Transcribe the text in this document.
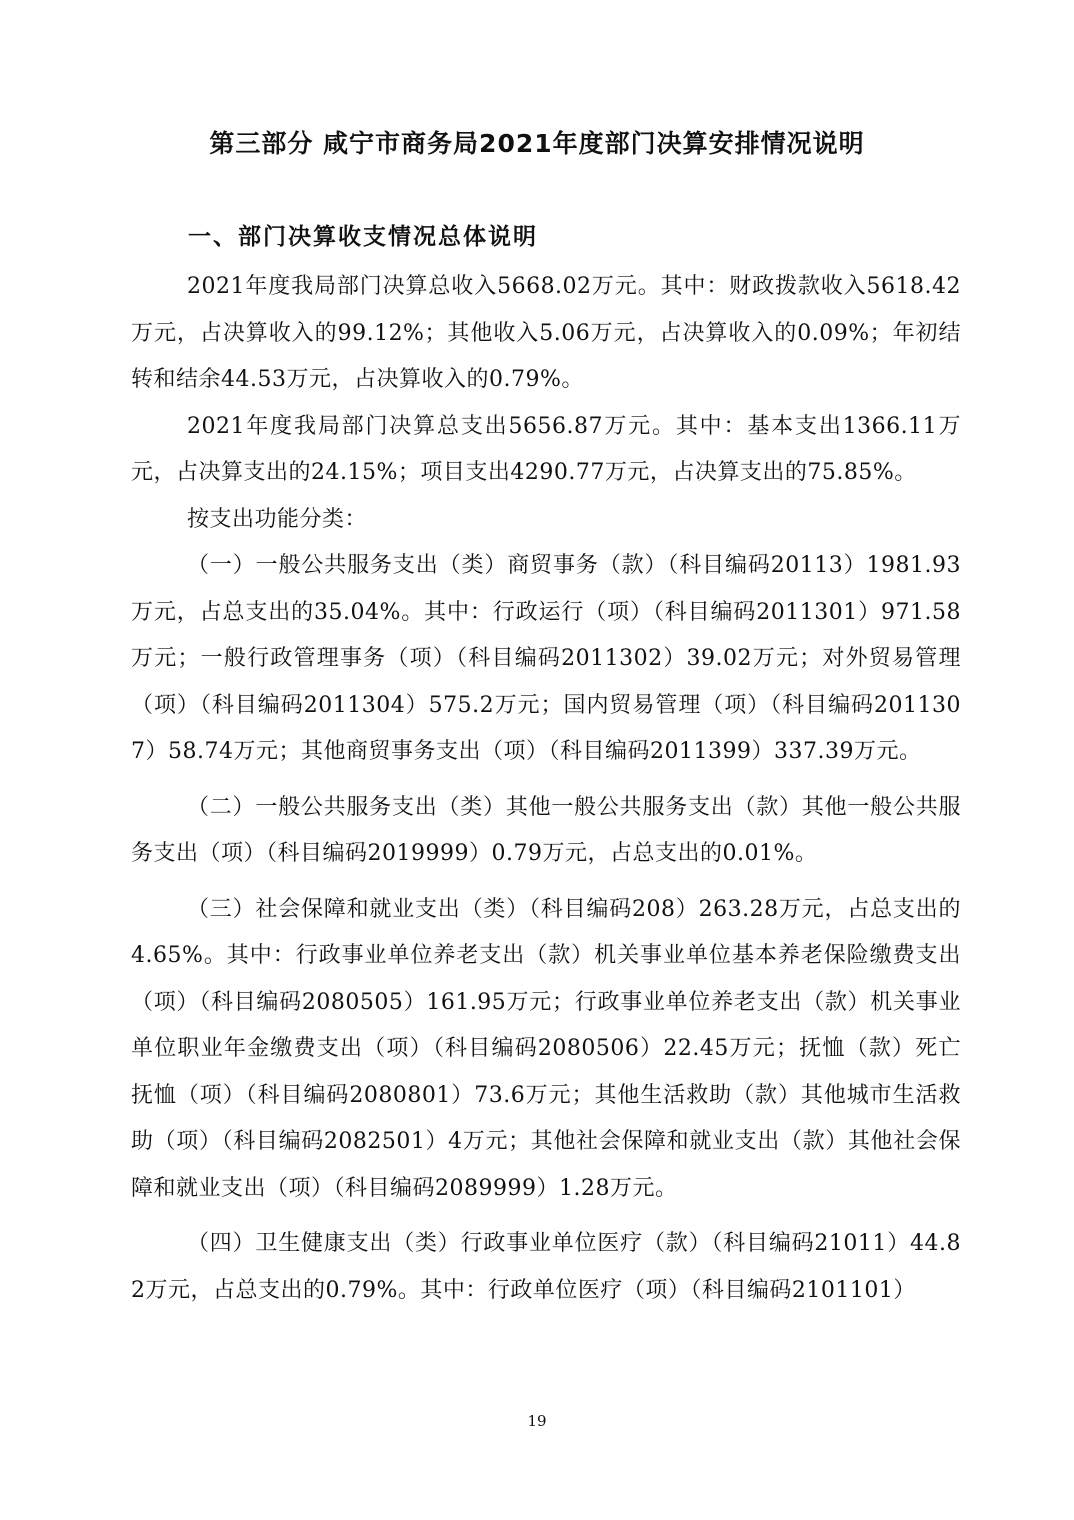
第三部分 咸宁市商务局2021年度部门决算安排情况说明
一、部门决算收支情况总体说明

2021年度我局部门决算总收入5668.02万元。其中：财政拨款收入5618.42万元，占决算收入的99.12%；其他收入5.06万元，占决算收入的0.09%；年初结转和结余44.53万元，占决算收入的0.79%。

2021年度我局部门决算总支出5656.87万元。其中：基本支出1366.11万元，占决算支出的24.15%；项目支出4290.77万元，占决算支出的75.85%。

按支出功能分类：

（一）一般公共服务支出（类）商贸事务（款）（科目编码20113）1981.93万元，占总支出的35.04%。其中：行政运行（项）（科目编码2011301）971.58万元；一般行政管理事务（项）（科目编码2011302）39.02万元；对外贸易管理（项）（科目编码2011304）575.2万元；国内贸易管理（项）（科目编码2011307）58.74万元；其他商贸事务支出（项）（科目编码2011399）337.39万元。

（二）一般公共服务支出（类）其他一般公共服务支出（款）其他一般公共服务支出（项）（科目编码2019999）0.79万元，占总支出的0.01%。

（三）社会保障和就业支出（类）（科目编码208）263.28万元，占总支出的4.65%。其中：行政事业单位养老支出（款）机关事业单位基本养老保险缴费支出（项）（科目编码2080505）161.95万元；行政事业单位养老支出（款）机关事业单位职业年金缴费支出（项）（科目编码2080506）22.45万元；抚恤（款）死亡抚恤（项）（科目编码2080801）73.6万元；其他生活救助（款）其他城市生活救助（项）（科目编码2082501）4万元；其他社会保障和就业支出（款）其他社会保障和就业支出（项）（科目编码2089999）1.28万元。

（四）卫生健康支出（类）行政事业单位医疗（款）（科目编码21011）44.82万元，占总支出的0.79%。其中：行政单位医疗（项）（科目编码2101101）

19
